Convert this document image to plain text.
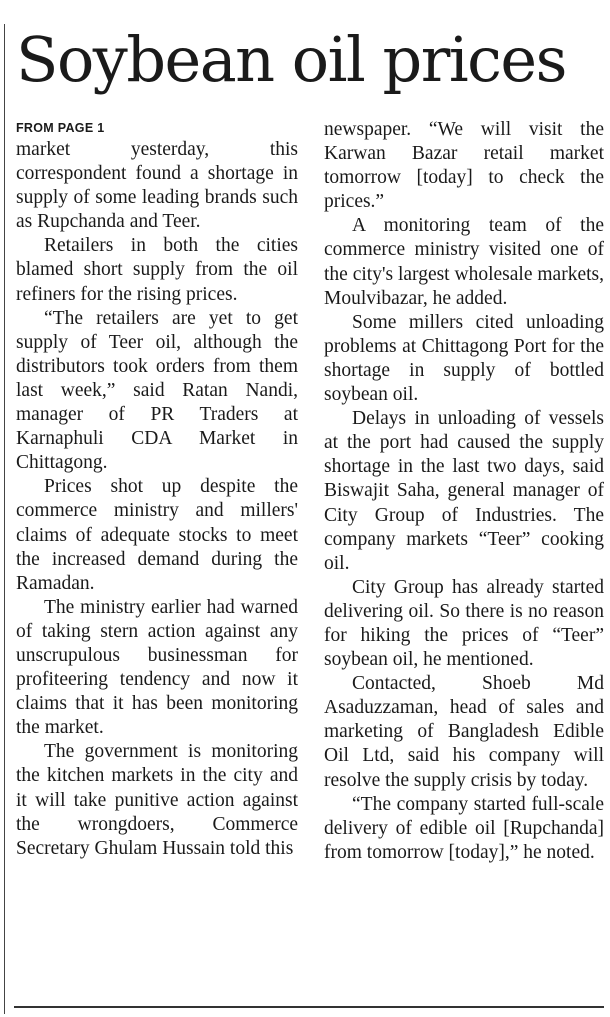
Soybean oil prices
FROM PAGE 1

market yesterday, this correspondent found a shortage in supply of some leading brands such as Rupchanda and Teer.

Retailers in both the cities blamed short supply from the oil refiners for the rising prices.

“The retailers are yet to get supply of Teer oil, although the distributors took orders from them last week,” said Ratan Nandi, manager of PR Traders at Karnaphuli CDA Market in Chittagong.

Prices shot up despite the commerce ministry and millers' claims of adequate stocks to meet the increased demand during the Ramadan.

The ministry earlier had warned of taking stern action against any unscrupulous businessman for profiteering tendency and now it claims that it has been monitoring the market.

The government is monitoring the kitchen markets in the city and it will take punitive action against the wrongdoers, Commerce Secretary Ghulam Hussain told this

newspaper. “We will visit the Karwan Bazar retail market tomorrow [today] to check the prices.”

A monitoring team of the commerce ministry visited one of the city's largest wholesale markets, Moulvibazar, he added.

Some millers cited unloading problems at Chittagong Port for the shortage in supply of bottled soybean oil.

Delays in unloading of vessels at the port had caused the supply shortage in the last two days, said Biswajit Saha, general manager of City Group of Industries. The company markets “Teer” cooking oil.

City Group has already started delivering oil. So there is no reason for hiking the prices of “Teer” soybean oil, he mentioned.

Contacted, Shoeb Md Asaduzzaman, head of sales and marketing of Bangladesh Edible Oil Ltd, said his company will resolve the supply crisis by today.

“The company started full-scale delivery of edible oil [Rupchanda] from tomorrow [today],” he noted.
